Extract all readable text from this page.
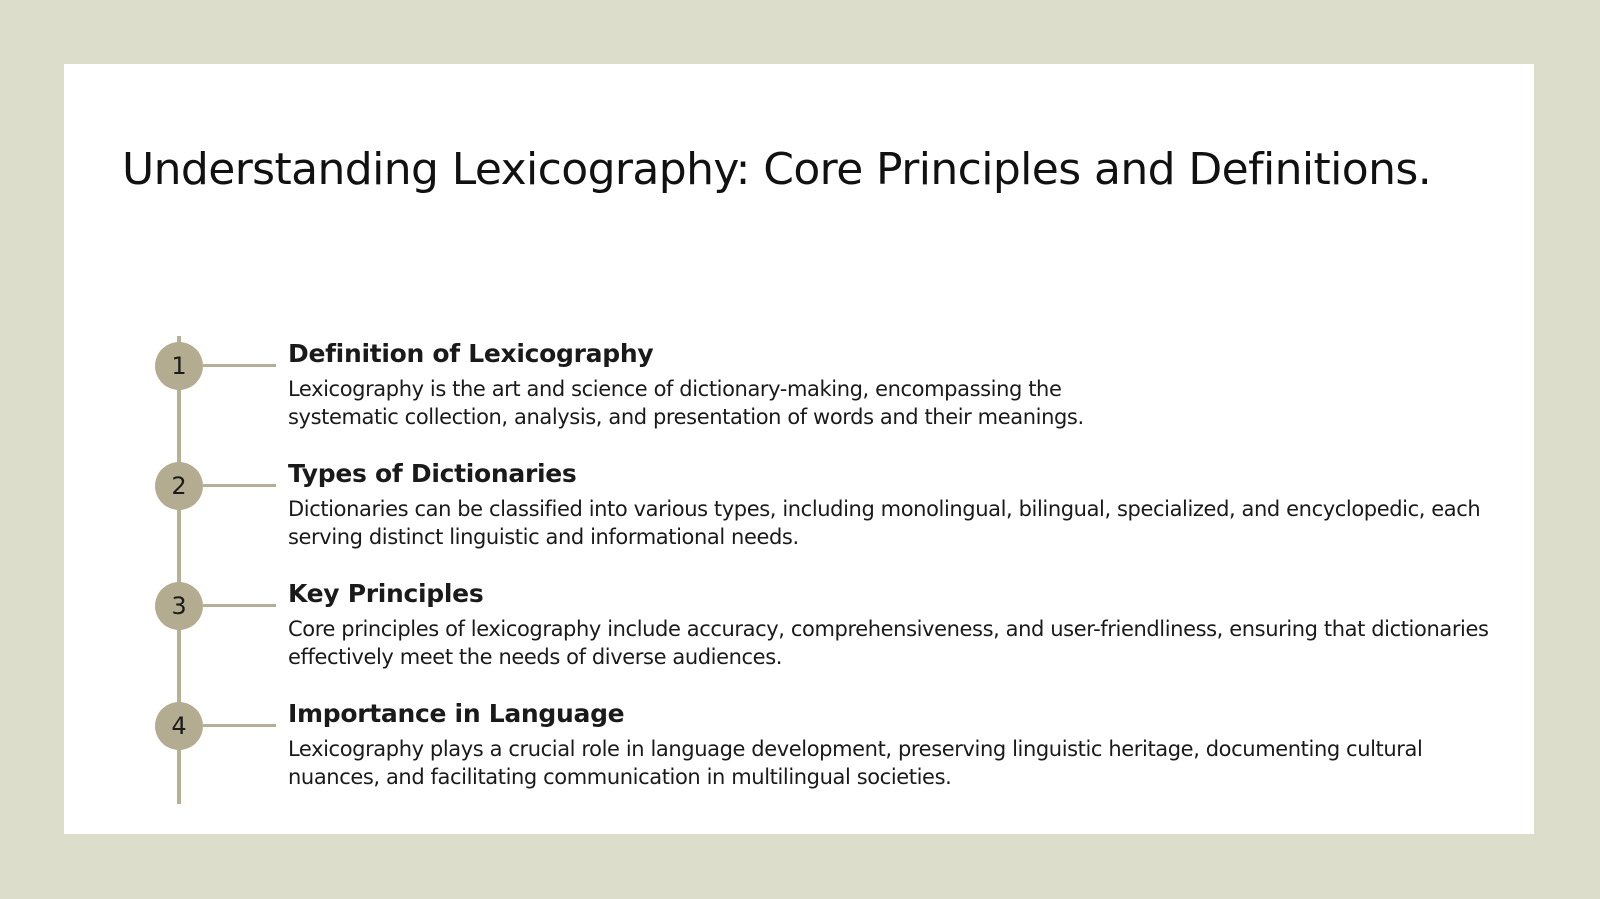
Understanding Lexicography: Core Principles and Definitions.
1	Definition of Lexicography

Lexicography is the art and science of dictionary-making, encompassing the systematic collection, analysis, and presentation of words and their meanings.

2	Types of Dictionaries

Dictionaries can be classified into various types, including monolingual, bilingual, specialized, and encyclopedic, each serving distinct linguistic and informational needs.

3	Key Principles

Core principles of lexicography include accuracy, comprehensiveness, and user-friendliness, ensuring that dictionaries effectively meet the needs of diverse audiences.

4	Importance in Language

Lexicography plays a crucial role in language development, preserving linguistic heritage, documenting cultural nuances, and facilitating communication in multilingual societies.
